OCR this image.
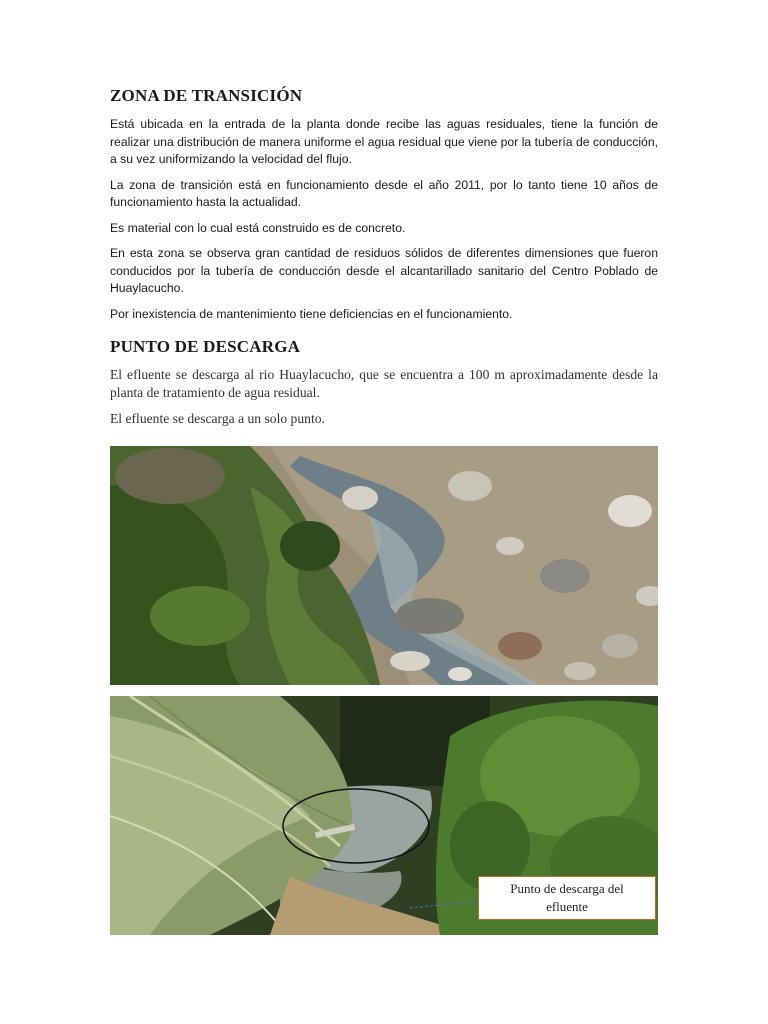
ZONA DE TRANSICIÓN

Está ubicada en la entrada de la planta donde recibe las aguas residuales, tiene la función de realizar una distribución de manera uniforme el agua residual que viene por la tubería de conducción, a su vez uniformizando la velocidad del flujo.

La zona de transición está en funcionamiento desde el año 2011, por lo tanto tiene 10 años de funcionamiento hasta la actualidad.

Es material con lo cual está construido es de concreto.

En esta zona se observa gran cantidad de residuos sólidos de diferentes dimensiones que fueron conducidos por la tubería de conducción desde el alcantarillado sanitario del Centro Poblado de Huaylacucho.

Por inexistencia de mantenimiento tiene deficiencias en el funcionamiento.

PUNTO DE DESCARGA

El efluente se descarga al rio Huaylacucho, que se encuentra a 100 m aproximadamente desde la planta de tratamiento de agua residual.

El efluente se descarga a un solo punto.

Punto de descarga del
efluente
